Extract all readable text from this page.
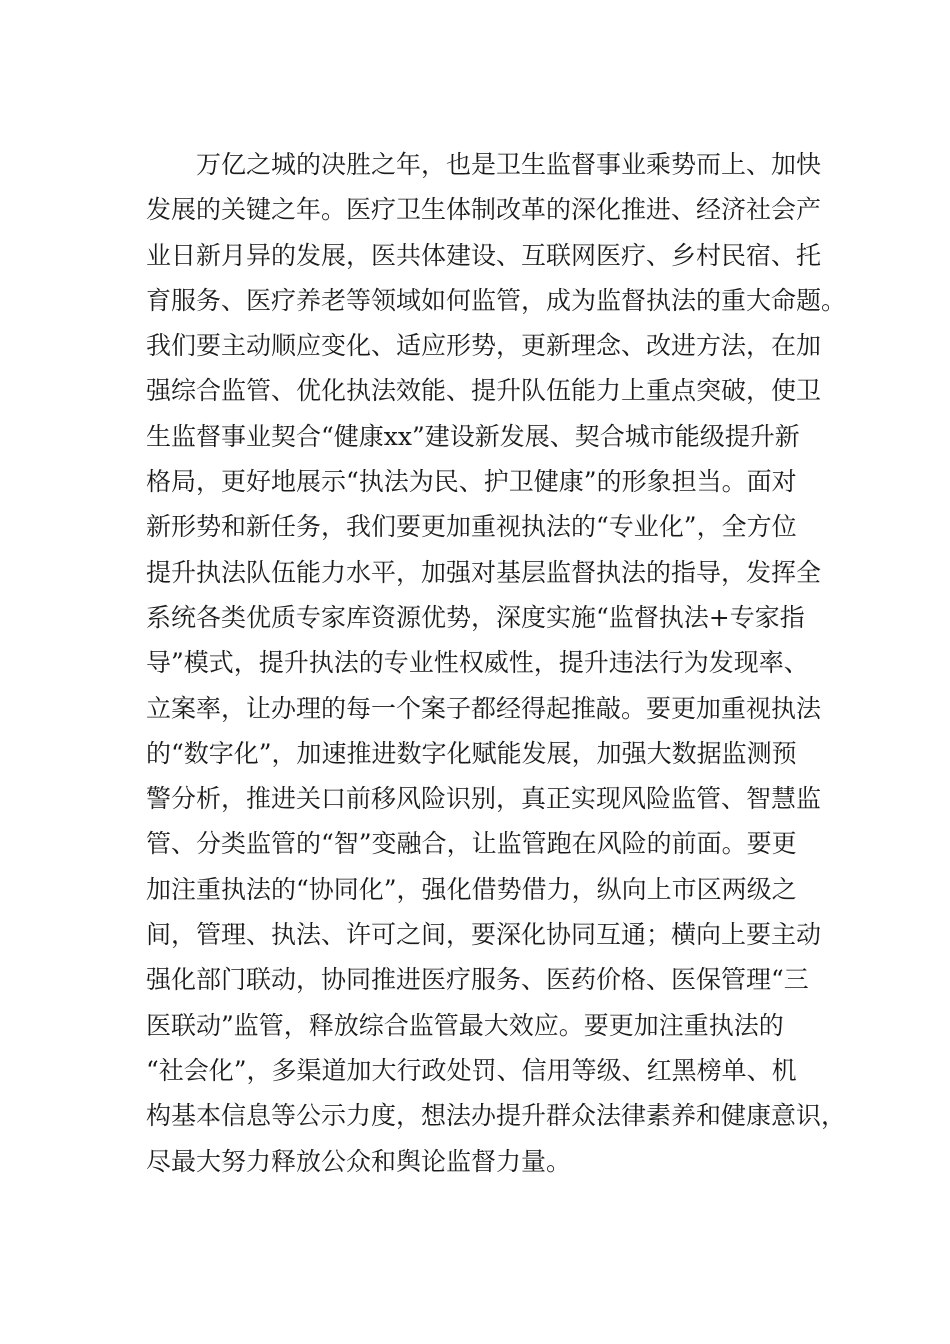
　　万亿之城的决胜之年，也是卫生监督事业乘势而上、加快
发展的关键之年。医疗卫生体制改革的深化推进、经济社会产
业日新月异的发展，医共体建设、互联网医疗、乡村民宿、托
育服务、医疗养老等领域如何监管，成为监督执法的重大命题。
我们要主动顺应变化、适应形势，更新理念、改进方法，在加
强综合监管、优化执法效能、提升队伍能力上重点突破，使卫
生监督事业契合“健康xx”建设新发展、契合城市能级提升新
格局，更好地展示“执法为民、护卫健康”的形象担当。面对
新形势和新任务，我们要更加重视执法的“专业化”，全方位
提升执法队伍能力水平，加强对基层监督执法的指导，发挥全
系统各类优质专家库资源优势，深度实施“监督执法+专家指
导”模式，提升执法的专业性权威性，提升违法行为发现率、
立案率，让办理的每一个案子都经得起推敲。要更加重视执法
的“数字化”，加速推进数字化赋能发展，加强大数据监测预
警分析，推进关口前移风险识别，真正实现风险监管、智慧监
管、分类监管的“智”变融合，让监管跑在风险的前面。要更
加注重执法的“协同化”，强化借势借力，纵向上市区两级之
间，管理、执法、许可之间，要深化协同互通；横向上要主动
强化部门联动，协同推进医疗服务、医药价格、医保管理“三
医联动”监管，释放综合监管最大效应。要更加注重执法的
“社会化”，多渠道加大行政处罚、信用等级、红黑榜单、机
构基本信息等公示力度，想法办提升群众法律素养和健康意识，
尽最大努力释放公众和舆论监督力量。
